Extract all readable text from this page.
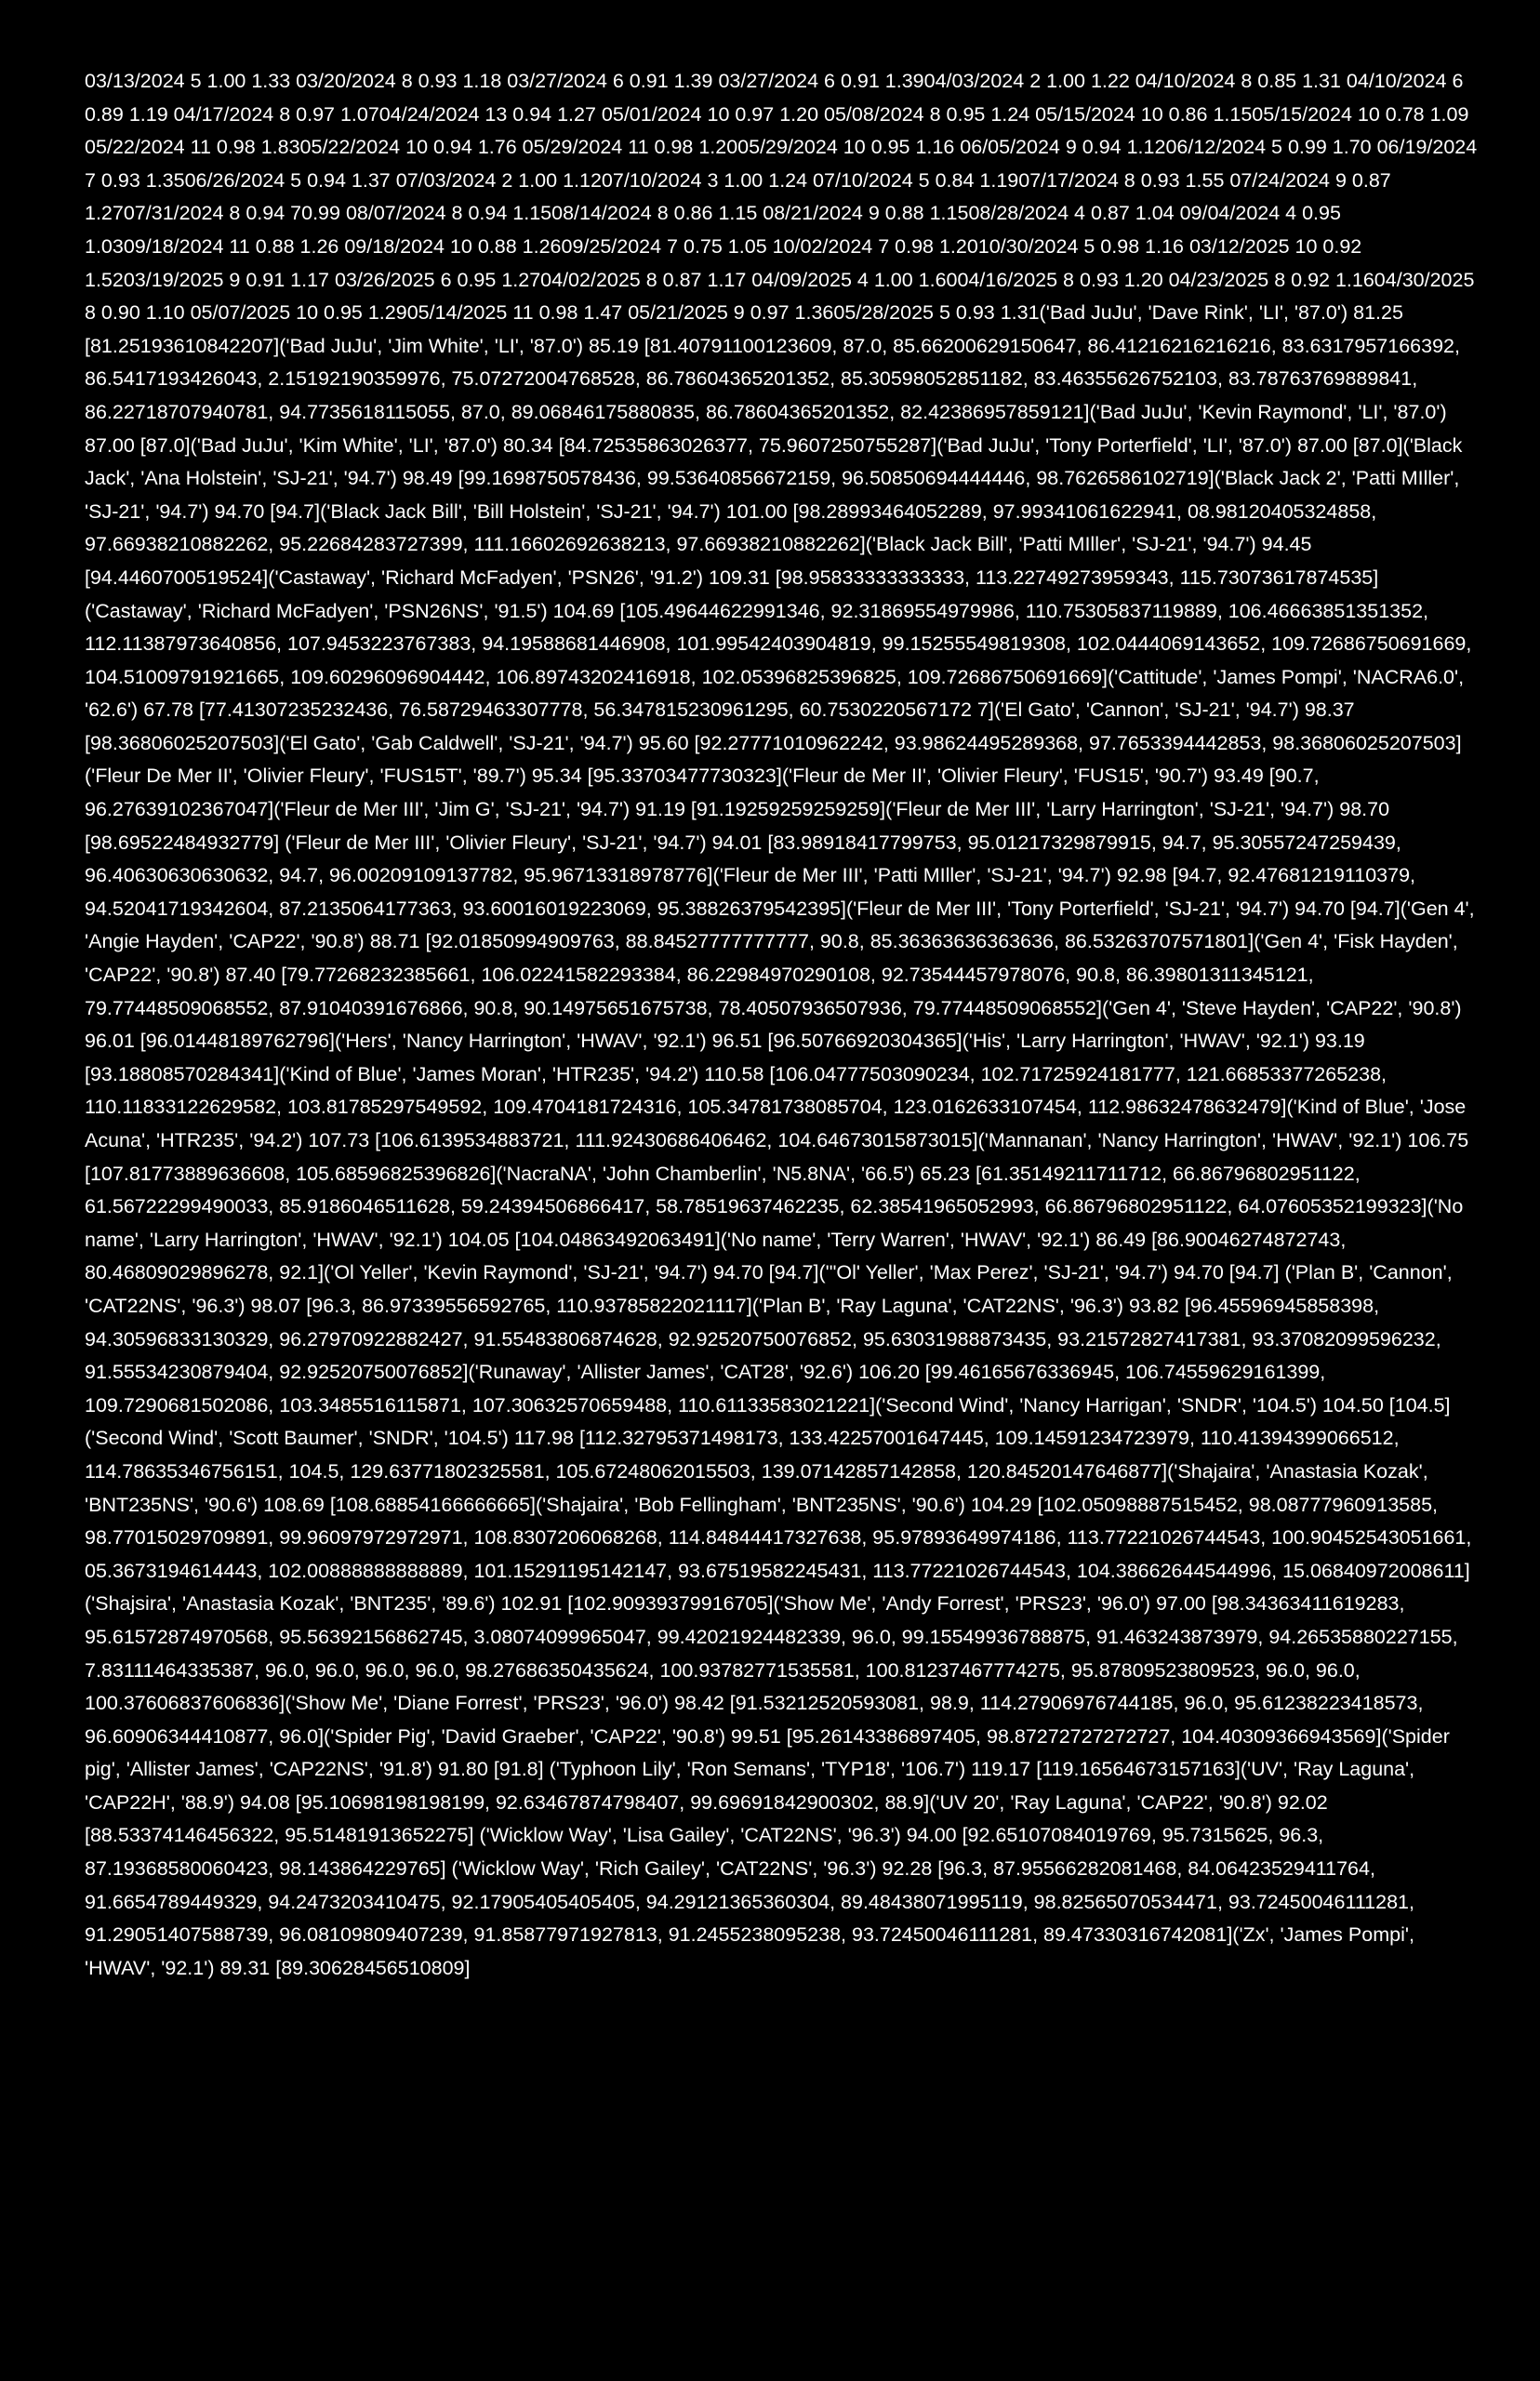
03/13/2024 5 1.00 1.33 03/20/2024 8 0.93 1.18 03/27/2024 6 0.91 1.39 03/27/2024 6 0.91 1.3904/03/2024 2 1.00 1.22 04/10/2024 8 0.85 1.31 04/10/2024 6 0.89 1.19 04/17/2024 8 0.97 1.0704/24/2024 13 0.94 1.27 05/01/2024 10 0.97 1.20 05/08/2024 8 0.95 1.24 05/15/2024 10 0.86 1.1505/15/2024 10 0.78 1.09 05/22/2024 11 0.98 1.8305/22/2024 10 0.94 1.76 05/29/2024 11 0.98 1.2005/29/2024 10 0.95 1.16 06/05/2024 9 0.94 1.1206/12/2024 5 0.99 1.70 06/19/2024 7 0.93 1.3506/26/2024 5 0.94 1.37 07/03/2024 2 1.00 1.1207/10/2024 3 1.00 1.24 07/10/2024 5 0.84 1.1907/17/2024 8 0.93 1.55 07/24/2024 9 0.87 1.2707/31/2024 8 0.94 70.99 08/07/2024 8 0.94 1.1508/14/2024 8 0.86 1.15 08/21/2024 9 0.88 1.1508/28/2024 4 0.87 1.04 09/04/2024 4 0.95 1.0309/18/2024 11 0.88 1.26 09/18/2024 10 0.88 1.2609/25/2024 7 0.75 1.05 10/02/2024 7 0.98 1.2010/30/2024 5 0.98 1.16 03/12/2025 10 0.92 1.5203/19/2025 9 0.91 1.17 03/26/2025 6 0.95 1.2704/02/2025 8 0.87 1.17 04/09/2025 4 1.00 1.6004/16/2025 8 0.93 1.20 04/23/2025 8 0.92 1.1604/30/2025 8 0.90 1.10 05/07/2025 10 0.95 1.2905/14/2025 11 0.98 1.47 05/21/2025 9 0.97 1.3605/28/2025 5 0.93 1.31('Bad JuJu', 'Dave Rink', 'LI', '87.0') 81.25 [81.25193610842207]('Bad JuJu', 'Jim White', 'LI', '87.0') 85.19 [81.40791100123609, 87.0, 85.66200629150647, 86.41216216216216, 83.6317957166392, 86.5417193426043, 2.15192190359976, 75.07272004768528, 86.78604365201352, 85.30598052851182, 83.46355626752103, 83.78763769889841, 86.22718707940781, 94.7735618115055, 87.0, 89.06846175880835, 86.78604365201352, 82.42386957859121]('Bad JuJu', 'Kevin Raymond', 'LI', '87.0') 87.00 [87.0]('Bad JuJu', 'Kim White', 'LI', '87.0') 80.34 [84.72535863026377, 75.9607250755287]('Bad JuJu', 'Tony Porterfield', 'LI', '87.0') 87.00 [87.0]('Black Jack', 'Ana Holstein', 'SJ-21', '94.7') 98.49 [99.1698750578436, 99.53640856672159, 96.50850694444446, 98.7626586102719]('Black Jack 2', 'Patti MIller', 'SJ-21', '94.7') 94.70 [94.7]('Black Jack Bill', 'Bill Holstein', 'SJ-21', '94.7') 101.00 [98.28993464052289, 97.99341061622941, 08.98120405324858, 97.66938210882262, 95.22684283727399, 111.16602692638213, 97.66938210882262]('Black Jack Bill', 'Patti MIller', 'SJ-21', '94.7') 94.45 [94.4460700519524]('Castaway', 'Richard McFadyen', 'PSN26', '91.2') 109.31 [98.95833333333333, 113.22749273959343, 115.73073617874535] ('Castaway', 'Richard McFadyen', 'PSN26NS', '91.5') 104.69 [105.49644622991346, 92.31869554979986, 110.75305837119889, 106.46663851351352, 112.11387973640856, 107.9453223767383, 94.19588681446908, 101.99542403904819, 99.15255549819308, 102.0444069143652, 109.72686750691669, 104.51009791921665, 109.60296096904442, 106.89743202416918, 102.05396825396825, 109.72686750691669]('Cattitude', 'James Pompi', 'NACRA6.0', '62.6') 67.78 [77.41307235232436, 76.58729463307778, 56.347815230961295, 60.7530220567172 7]('El Gato', 'Cannon', 'SJ-21', '94.7') 98.37 [98.36806025207503]('El Gato', 'Gab Caldwell', 'SJ-21', '94.7') 95.60 [92.27771010962242, 93.98624495289368, 97.7653394442853, 98.36806025207503]('Fleur De Mer II', 'Olivier Fleury', 'FUS15T', '89.7') 95.34 [95.33703477730323]('Fleur de Mer II', 'Olivier Fleury', 'FUS15', '90.7') 93.49 [90.7, 96.27639102367047]('Fleur de Mer III', 'Jim G', 'SJ-21', '94.7') 91.19 [91.19259259259259]('Fleur de Mer III', 'Larry Harrington', 'SJ-21', '94.7') 98.70 [98.69522484932779] ('Fleur de Mer III', 'Olivier Fleury', 'SJ-21', '94.7') 94.01 [83.98918417799753, 95.01217329879915, 94.7, 95.30557247259439, 96.40630630630632, 94.7, 96.00209109137782, 95.96713318978776]('Fleur de Mer III', 'Patti MIller', 'SJ-21', '94.7') 92.98 [94.7, 92.47681219110379, 94.52041719342604, 87.2135064177363, 93.60016019223069, 95.38826379542395]('Fleur de Mer III', 'Tony Porterfield', 'SJ-21', '94.7') 94.70 [94.7]('Gen 4', 'Angie Hayden', 'CAP22', '90.8') 88.71 [92.01850994909763, 88.84527777777777, 90.8, 85.36363636363636, 86.53263707571801]('Gen 4', 'Fisk Hayden', 'CAP22', '90.8') 87.40 [79.77268232385661, 106.02241582293384, 86.22984970290108, 92.73544457978076, 90.8, 86.39801311345121, 79.77448509068552, 87.91040391676866, 90.8, 90.14975651675738, 78.40507936507936, 79.77448509068552]('Gen 4', 'Steve Hayden', 'CAP22', '90.8') 96.01 [96.01448189762796]('Hers', 'Nancy Harrington', 'HWAV', '92.1') 96.51 [96.50766920304365]('His', 'Larry Harrington', 'HWAV', '92.1') 93.19 [93.18808570284341]('Kind of Blue', 'James Moran', 'HTR235', '94.2') 110.58 [106.04777503090234, 102.71725924181777, 121.66853377265238, 110.11833122629582, 103.81785297549592, 109.4704181724316, 105.34781738085704, 123.0162633107454, 112.98632478632479]('Kind of Blue', 'Jose Acuna', 'HTR235', '94.2') 107.73 [106.6139534883721, 111.92430686406462, 104.64673015873015]('Mannanan', 'Nancy Harrington', 'HWAV', '92.1') 106.75 [107.81773889636608, 105.68596825396826]('NacraNA', 'John Chamberlin', 'N5.8NA', '66.5') 65.23 [61.35149211711712, 66.86796802951122, 61.56722299490033, 85.9186046511628, 59.24394506866417, 58.78519637462235, 62.38541965052993, 66.86796802951122, 64.07605352199323]('No name', 'Larry Harrington', 'HWAV', '92.1') 104.05 [104.04863492063491]('No name', 'Terry Warren', 'HWAV', '92.1') 86.49 [86.90046274872743, 80.46809029896278, 92.1]('Ol Yeller', 'Kevin Raymond', 'SJ-21', '94.7') 94.70 [94.7]('"Ol' Yeller', 'Max Perez', 'SJ-21', '94.7') 94.70 [94.7] ('Plan B', 'Cannon', 'CAT22NS', '96.3') 98.07 [96.3, 86.97339556592765, 110.93785822021117]('Plan B', 'Ray Laguna', 'CAT22NS', '96.3') 93.82 [96.45596945858398, 94.30596833130329, 96.27970922882427, 91.55483806874628, 92.92520750076852, 95.63031988873435, 93.21572827417381, 93.37082099596232, 91.55534230879404, 92.92520750076852]('Runaway', 'Allister James', 'CAT28', '92.6') 106.20 [99.46165676336945, 106.74559629161399, 109.7290681502086, 103.3485516115871, 107.30632570659488, 110.61133583021221]('Second Wind', 'Nancy Harrigan', 'SNDR', '104.5') 104.50 [104.5]('Second Wind', 'Scott Baumer', 'SNDR', '104.5') 117.98 [112.32795371498173, 133.42257001647445, 109.14591234723979, 110.41394399066512, 114.78635346756151, 104.5, 129.63771802325581, 105.67248062015503, 139.07142857142858, 120.84520147646877]('Shajaira', 'Anastasia Kozak', 'BNT235NS', '90.6') 108.69 [108.68854166666665]('Shajaira', 'Bob Fellingham', 'BNT235NS', '90.6') 104.29 [102.05098887515452, 98.08777960913585, 98.77015029709891, 99.96097972972971, 108.8307206068268, 114.84844417327638, 95.97893649974186, 113.77221026744543, 100.90452543051661, 05.3673194614443, 102.00888888888889, 101.15291195142147, 93.67519582245431, 113.77221026744543, 104.38662644544996, 15.06840972008611]('Shajsira', 'Anastasia Kozak', 'BNT235', '89.6') 102.91 [102.90939379916705]('Show Me', 'Andy Forrest', 'PRS23', '96.0') 97.00 [98.34363411619283, 95.61572874970568, 95.56392156862745, 3.08074099965047, 99.42021924482339, 96.0, 99.15549936788875, 91.463243873979, 94.26535880227155, 7.83111464335387, 96.0, 96.0, 96.0, 96.0, 98.27686350435624, 100.93782771535581, 100.81237467774275, 95.87809523809523, 96.0, 96.0, 100.37606837606836]('Show Me', 'Diane Forrest', 'PRS23', '96.0') 98.42 [91.53212520593081, 98.9, 114.27906976744185, 96.0, 95.61238223418573, 96.60906344410877, 96.0]('Spider Pig', 'David Graeber', 'CAP22', '90.8') 99.51 [95.26143386897405, 98.87272727272727, 104.40309366943569]('Spider pig', 'Allister James', 'CAP22NS', '91.8') 91.80 [91.8] ('Typhoon Lily', 'Ron Semans', 'TYP18', '106.7') 119.17 [119.16564673157163]('UV', 'Ray Laguna', 'CAP22H', '88.9') 94.08 [95.10698198198199, 92.63467874798407, 99.69691842900302, 88.9]('UV 20', 'Ray Laguna', 'CAP22', '90.8') 92.02 [88.53374146456322, 95.51481913652275] ('Wicklow Way', 'Lisa Gailey', 'CAT22NS', '96.3') 94.00 [92.65107084019769, 95.7315625, 96.3, 87.19368580060423, 98.143864229765] ('Wicklow Way', 'Rich Gailey', 'CAT22NS', '96.3') 92.28 [96.3, 87.95566282081468, 84.06423529411764, 91.6654789449329, 94.2473203410475, 92.17905405405405, 94.29121365360304, 89.48438071995119, 98.82565070534471, 93.72450046111281, 91.29051407588739, 96.08109809407239, 91.85877971927813, 91.2455238095238, 93.72450046111281, 89.47330316742081]('Zx', 'James Pompi', 'HWAV', '92.1') 89.31 [89.30628456510809]
